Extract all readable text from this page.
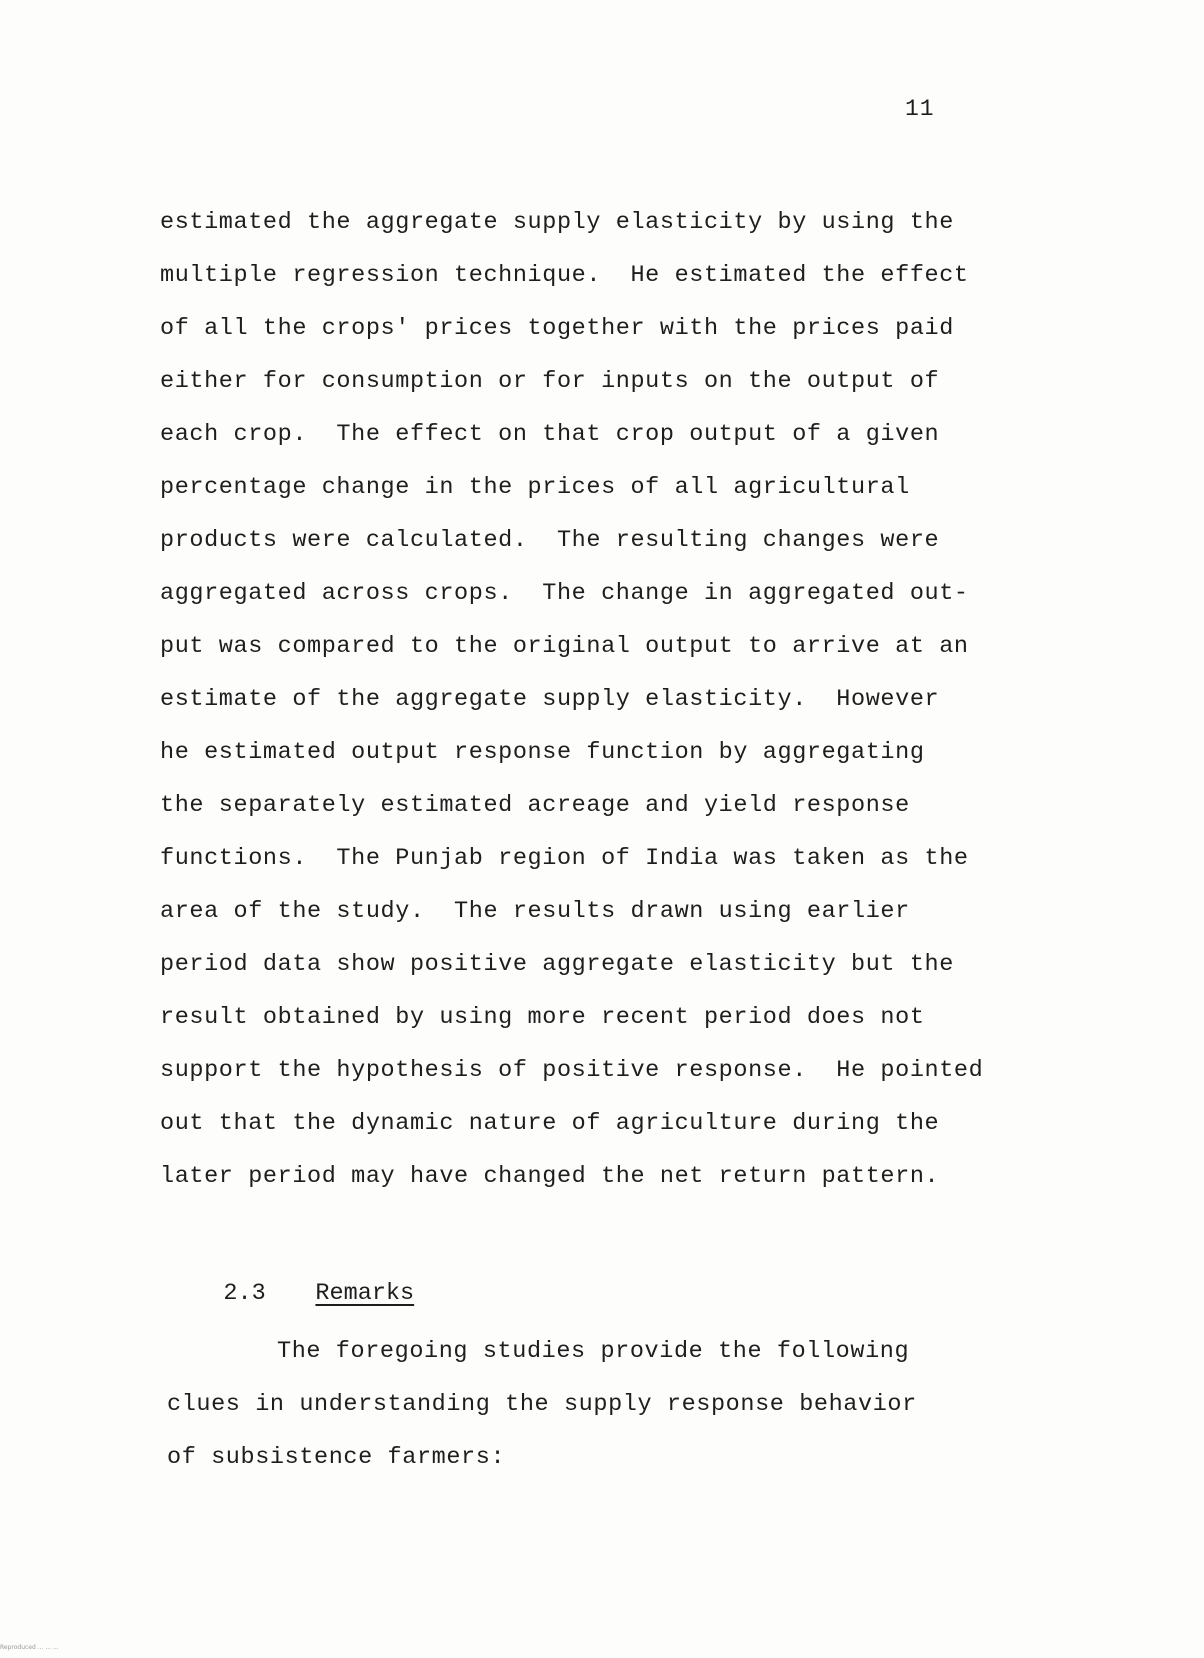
11
estimated the aggregate supply elasticity by using the
multiple regression technique.  He estimated the effect
of all the crops' prices together with the prices paid
either for consumption or for inputs on the output of
each crop.  The effect on that crop output of a given
percentage change in the prices of all agricultural
products were calculated.  The resulting changes were
aggregated across crops.  The change in aggregated out-
put was compared to the original output to arrive at an
estimate of the aggregate supply elasticity.  However
he estimated output response function by aggregating
the separately estimated acreage and yield response
functions.  The Punjab region of India was taken as the
area of the study.  The results drawn using earlier
period data show positive aggregate elasticity but the
result obtained by using more recent period does not
support the hypothesis of positive response.  He pointed
out that the dynamic nature of agriculture during the
later period may have changed the net return pattern.

2.3 Remarks

The foregoing studies provide the following
clues in understanding the supply response behavior
of subsistence farmers:
Reproduced ... ... ...
